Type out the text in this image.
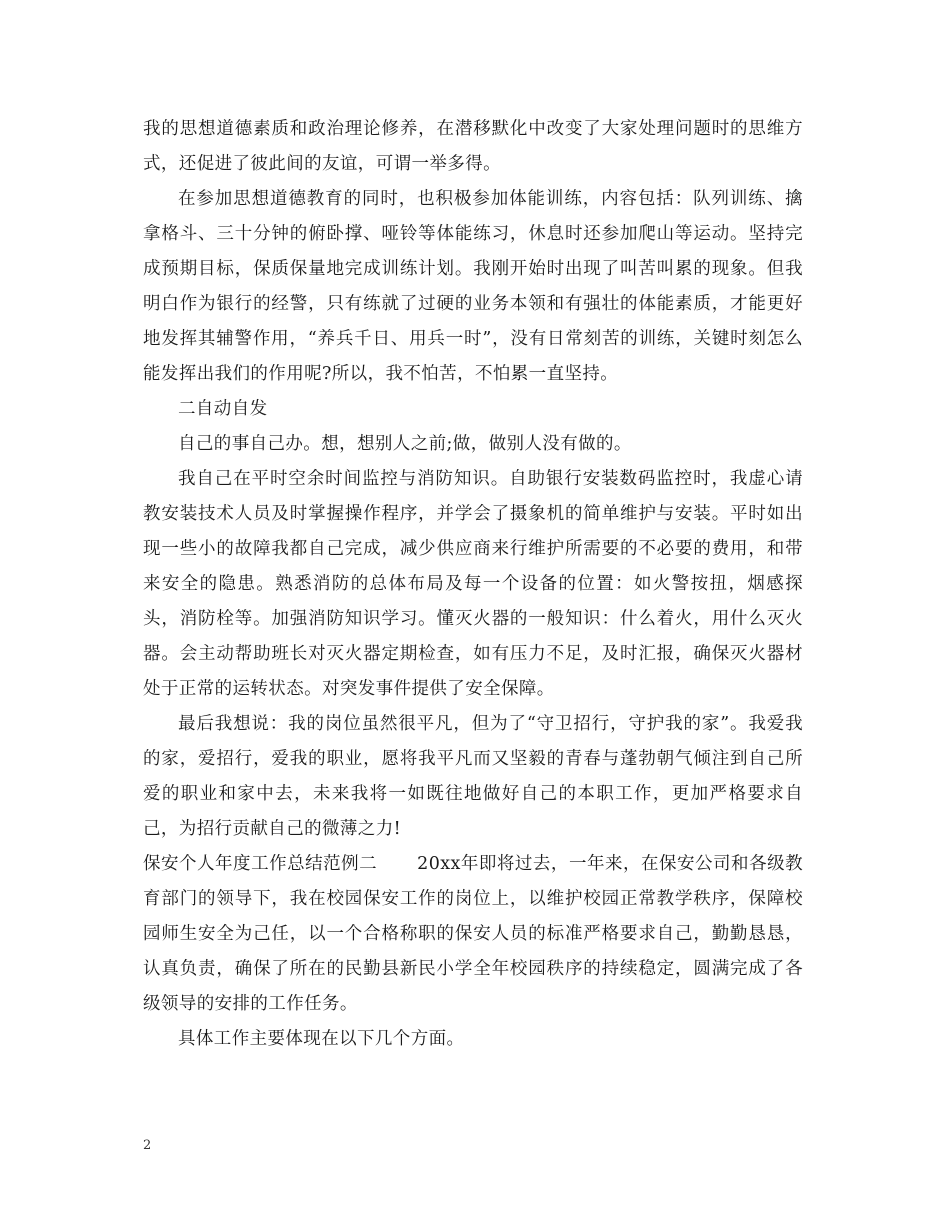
我的思想道德素质和政治理论修养，在潜移默化中改变了大家处理问题时的思维方式，还促进了彼此间的友谊，可谓一举多得。

在参加思想道德教育的同时，也积极参加体能训练，内容包括：队列训练、擒拿格斗、三十分钟的俯卧撑、哑铃等体能练习，休息时还参加爬山等运动。坚持完成预期目标，保质保量地完成训练计划。我刚开始时出现了叫苦叫累的现象。但我明白作为银行的经警，只有练就了过硬的业务本领和有强壮的体能素质，才能更好地发挥其辅警作用，“养兵千日、用兵一时”，没有日常刻苦的训练，关键时刻怎么能发挥出我们的作用呢?所以，我不怕苦，不怕累一直坚持。

二自动自发

自己的事自己办。想，想别人之前;做，做别人没有做的。

我自己在平时空余时间监控与消防知识。自助银行安装数码监控时，我虚心请教安装技术人员及时掌握操作程序，并学会了摄象机的简单维护与安装。平时如出现一些小的故障我都自己完成，减少供应商来行维护所需要的不必要的费用，和带来安全的隐患。熟悉消防的总体布局及每一个设备的位置：如火警按扭，烟感探头，消防栓等。加强消防知识学习。懂灭火器的一般知识：什么着火，用什么灭火器。会主动帮助班长对灭火器定期检查，如有压力不足，及时汇报，确保灭火器材处于正常的运转状态。对突发事件提供了安全保障。

最后我想说：我的岗位虽然很平凡，但为了“守卫招行，守护我的家”。我爱我的家，爱招行，爱我的职业，愿将我平凡而又坚毅的青春与蓬勃朝气倾注到自己所爱的职业和家中去，未来我将一如既往地做好自己的本职工作，更加严格要求自己，为招行贡献自己的微薄之力!

保安个人年度工作总结范例二 20xx年即将过去，一年来，在保安公司和各级教育部门的领导下，我在校园保安工作的岗位上，以维护校园正常教学秩序，保障校园师生安全为己任，以一个合格称职的保安人员的标准严格要求自己，勤勤恳恳，认真负责，确保了所在的民勤县新民小学全年校园秩序的持续稳定，圆满完成了各级领导的安排的工作任务。

具体工作主要体现在以下几个方面。

2
